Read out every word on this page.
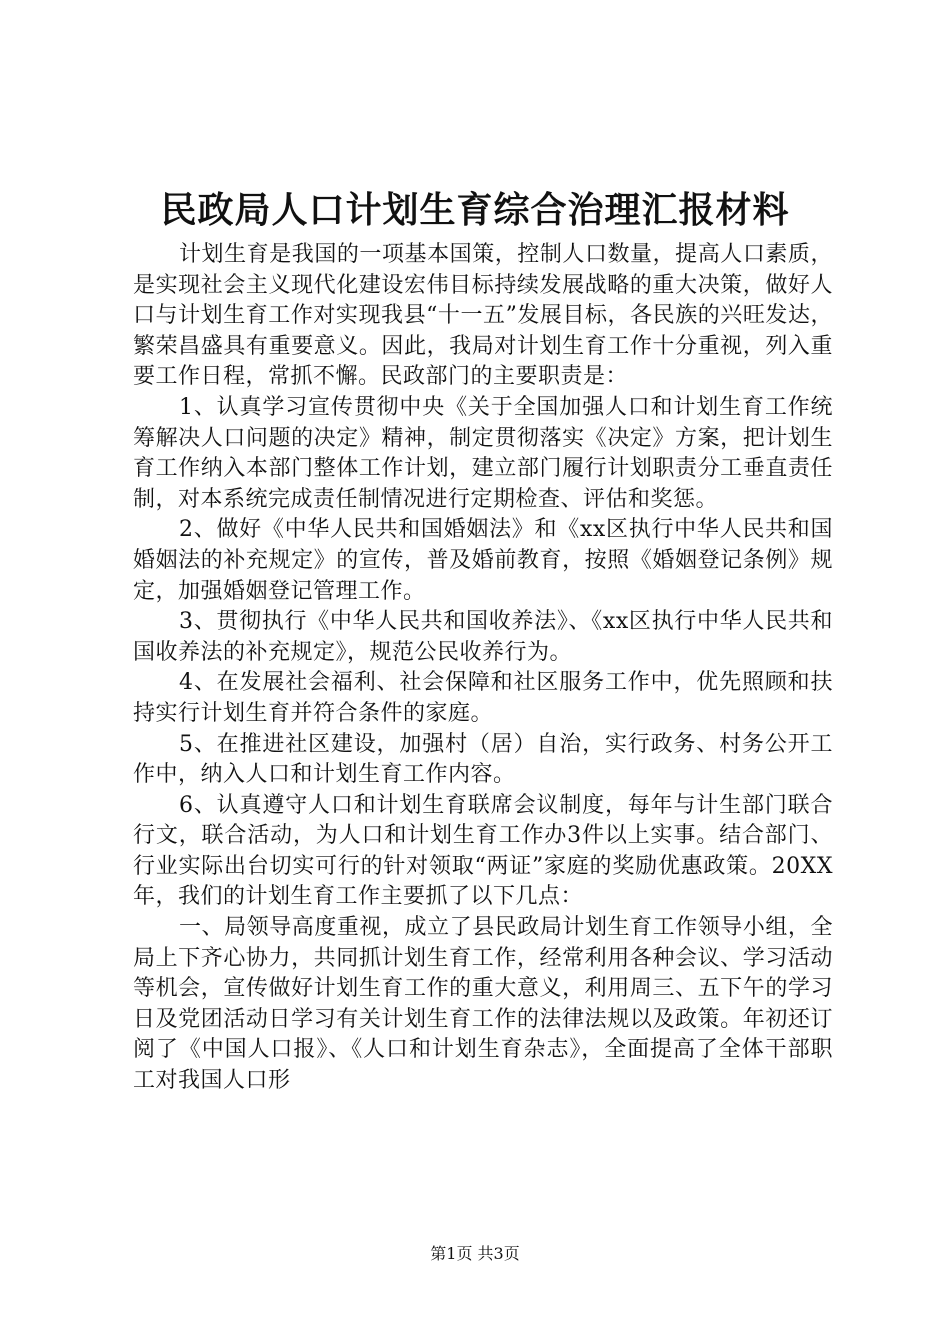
民政局人口计划生育综合治理汇报材料

计划生育是我国的一项基本国策，控制人口数量，提高人口素质，是实现社会主义现代化建设宏伟目标持续发展战略的重大决策，做好人口与计划生育工作对实现我县“十一五”发展目标，各民族的兴旺发达，繁荣昌盛具有重要意义。因此，我局对计划生育工作十分重视，列入重要工作日程，常抓不懈。民政部门的主要职责是：

1、认真学习宣传贯彻中央《关于全国加强人口和计划生育工作统筹解决人口问题的决定》精神，制定贯彻落实《决定》方案，把计划生育工作纳入本部门整体工作计划，建立部门履行计划职责分工垂直责任制，对本系统完成责任制情况进行定期检查、评估和奖惩。

2、做好《中华人民共和国婚姻法》和《xx区执行中华人民共和国婚姻法的补充规定》的宣传，普及婚前教育，按照《婚姻登记条例》规定，加强婚姻登记管理工作。

3、贯彻执行《中华人民共和国收养法》、《xx区执行中华人民共和国收养法的补充规定》，规范公民收养行为。

4、在发展社会福利、社会保障和社区服务工作中，优先照顾和扶持实行计划生育并符合条件的家庭。

5、在推进社区建设，加强村（居）自治，实行政务、村务公开工作中，纳入人口和计划生育工作内容。

6、认真遵守人口和计划生育联席会议制度，每年与计生部门联合行文，联合活动，为人口和计划生育工作办3件以上实事。结合部门、行业实际出台切实可行的针对领取“两证”家庭的奖励优惠政策。20XX年，我们的计划生育工作主要抓了以下几点：

一、局领导高度重视，成立了县民政局计划生育工作领导小组，全局上下齐心协力，共同抓计划生育工作，经常利用各种会议、学习活动等机会，宣传做好计划生育工作的重大意义，利用周三、五下午的学习日及党团活动日学习有关计划生育工作的法律法规以及政策。年初还订阅了《中国人口报》、《人口和计划生育杂志》，全面提高了全体干部职工对我国人口形

第1页 共3页
